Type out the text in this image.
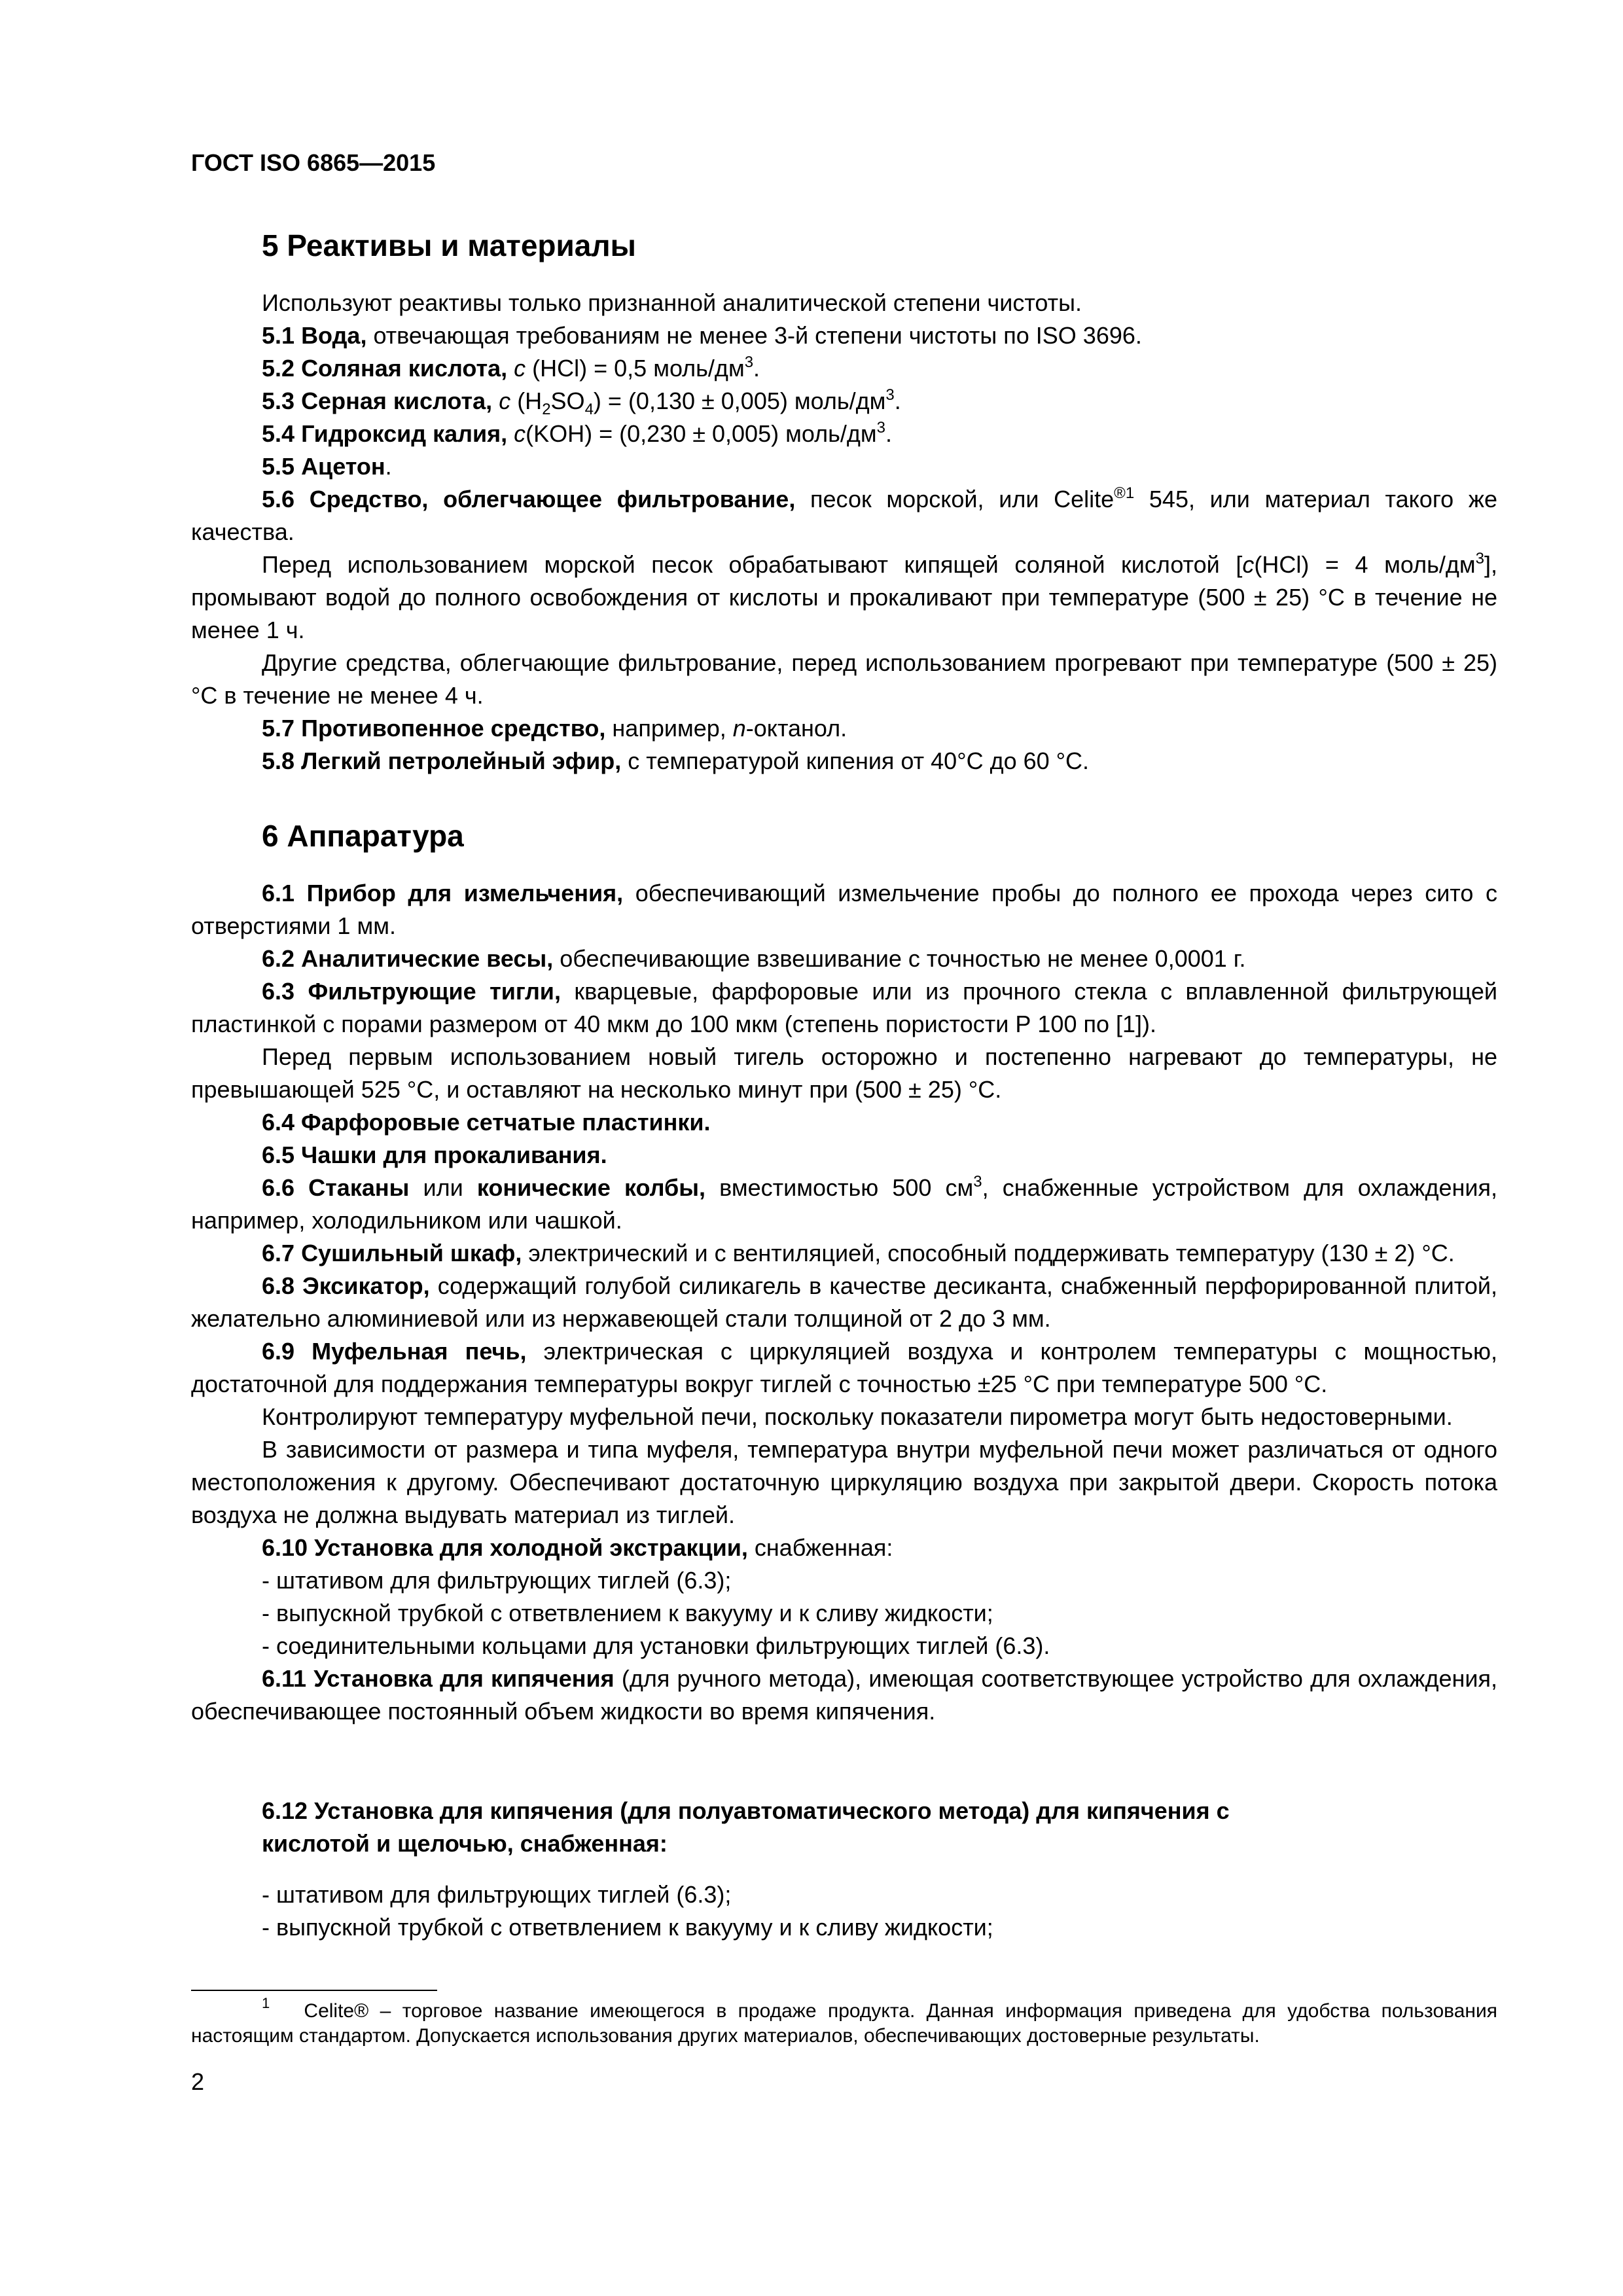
ГОСТ ISO 6865—2015
5 Реактивы и материалы

Используют реактивы только признанной аналитической степени чистоты.

5.1 Вода, отвечающая требованиям не менее 3-й степени чистоты по ISO 3696.

5.2 Соляная кислота, c (HCl) = 0,5 моль/$дм^3$.

5.3 Серная кислота, c $(H_2SO_4) = (0,130 \pm 0,005)$ моль/$дм^3$.

5.4 Гидроксид калия, c(KOH) = (0,230 ± 0,005) моль/$дм^3$.

5.5 Ацетон.

5.6 Средство, облегчающее фильтрование, песок морской, или Celite$^{®1}$ 545, или материал такого же качества.

Перед использованием морской песок обрабатывают кипящей соляной кислотой [c(HCl) = 4 моль/$дм^3$], промывают водой до полного освобождения от кислоты и прокаливают при температуре (500 ± 25) °C в течение не менее 1 ч.

Другие средства, облегчающие фильтрование, перед использованием прогревают при температуре (500 ± 25) °C в течение не менее 4 ч.

5.7 Противопенное средство, например, n-октанол.

5.8 Легкий петролейный эфир, с температурой кипения от 40°C до 60 °C.

6 Аппаратура

6.1 Прибор для измельчения, обеспечивающий измельчение пробы до полного ее прохода через сито с отверстиями 1 мм.

6.2 Аналитические весы, обеспечивающие взвешивание с точностью не менее 0,0001 г.

6.3 Фильтрующие тигли, кварцевые, фарфоровые или из прочного стекла с вплавленной фильтрующей пластинкой с порами размером от 40 мкм до 100 мкм (степень пористости Р 100 по [1]).

Перед первым использованием новый тигель осторожно и постепенно нагревают до температуры, не превышающей 525 °C, и оставляют на несколько минут при (500 ± 25) °C.

6.4 Фарфоровые сетчатые пластинки.

6.5 Чашки для прокаливания.

6.6 Стаканы или конические колбы, вместимостью 500 $см^3$, снабженные устройством для охлаждения, например, холодильником или чашкой.

6.7 Сушильный шкаф, электрический и с вентиляцией, способный поддерживать температуру (130 ± 2) °C.

6.8 Эксикатор, содержащий голубой силикагель в качестве десиканта, снабженный перфорированной плитой, желательно алюминиевой или из нержавеющей стали толщиной от 2 до 3 мм.

6.9 Муфельная печь, электрическая с циркуляцией воздуха и контролем температуры с мощностью, достаточной для поддержания температуры вокруг тиглей с точностью ±25 °C при температуре 500 °C.

Контролируют температуру муфельной печи, поскольку показатели пирометра могут быть недостоверными.

В зависимости от размера и типа муфеля, температура внутри муфельной печи может различаться от одного местоположения к другому. Обеспечивают достаточную циркуляцию воздуха при закрытой двери. Скорость потока воздуха не должна выдувать материал из тиглей.

6.10 Установка для холодной экстракции, снабженная:

- штативом для фильтрующих тиглей (6.3);

- выпускной трубкой с ответвлением к вакууму и к сливу жидкости;

- соединительными кольцами для установки фильтрующих тиглей (6.3).

6.11 Установка для кипячения (для ручного метода), имеющая соответствующее устройство для охлаждения, обеспечивающее постоянный объем жидкости во время кипячения.

6.12 Установка для кипячения (для полуавтоматического метода) для кипячения с

кислотой и щелочью, снабженная:

- штативом для фильтрующих тиглей (6.3);

- выпускной трубкой с ответвлением к вакууму и к сливу жидкости;

$^1$ Celite® – торговое название имеющегося в продаже продукта. Данная информация приведена для удобства пользования настоящим стандартом. Допускается использования других материалов, обеспечивающих достоверные результаты.

2
